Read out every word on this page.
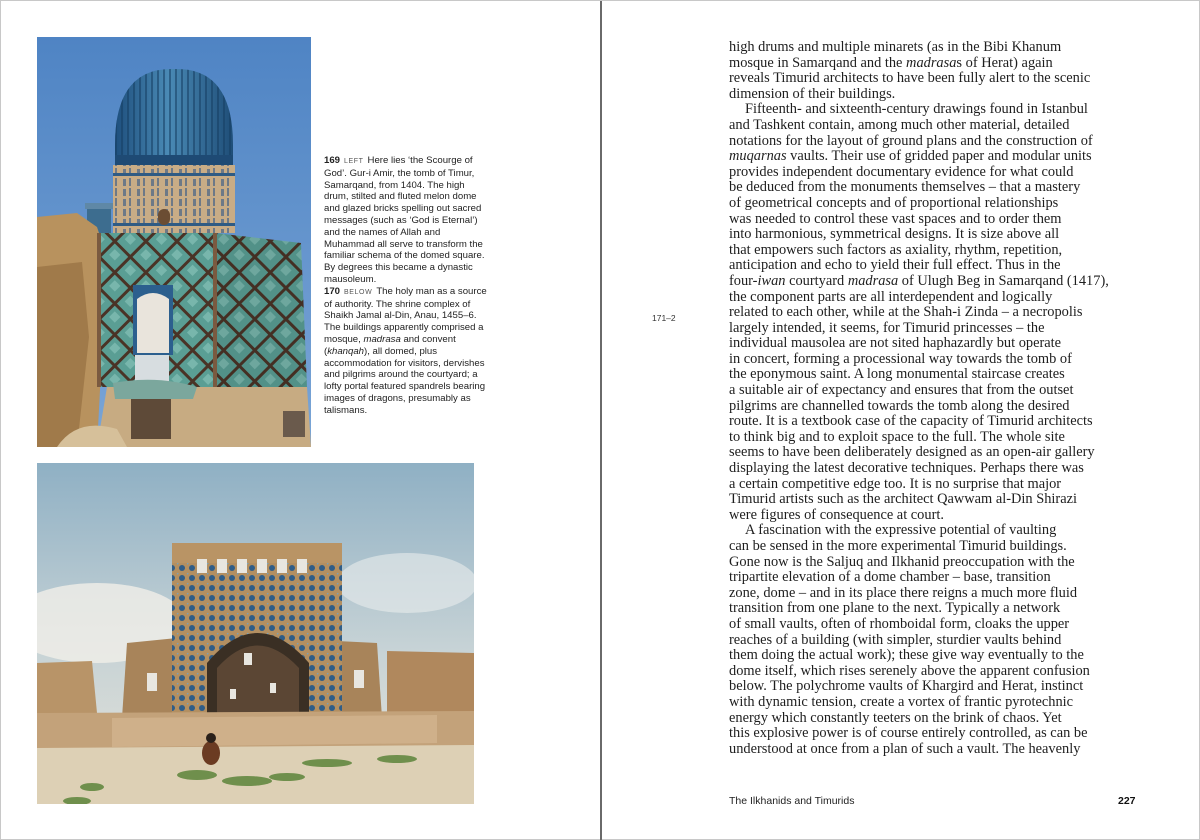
169 LEFT Here lies ‘the Scourge of God’. Gur-i Amir, the tomb of Timur, Samarqand, from 1404. The high drum, stilted and fluted melon dome and glazed bricks spelling out sacred messages (such as ‘God is Eternal’) and the names of Allah and Muhammad all serve to transform the familiar schema of the domed square. By degrees this became a dynastic mausoleum.

170 BELOW The holy man as a source of authority. The shrine complex of Shaikh Jamal al-Din, Anau, 1455–6. The buildings apparently comprised a mosque, madrasa and convent (khanqah), all domed, plus accommodation for visitors, dervishes and pilgrims around the courtyard; a lofty portal featured spandrels bearing images of dragons, presumably as talismans.

171–2
high drums and multiple minarets (as in the Bibi Khanum
mosque in Samarqand and the madrasas of Herat) again
reveals Timurid architects to have been fully alert to the scenic
dimension of their buildings.
Fifteenth- and sixteenth-century drawings found in Istanbul
and Tashkent contain, among much other material, detailed
notations for the layout of ground plans and the construction of
muqarnas vaults. Their use of gridded paper and modular units
provides independent documentary evidence for what could
be deduced from the monuments themselves – that a mastery
of geometrical concepts and of proportional relationships
was needed to control these vast spaces and to order them
into harmonious, symmetrical designs. It is size above all
that empowers such factors as axiality, rhythm, repetition,
anticipation and echo to yield their full effect. Thus in the
four-iwan courtyard madrasa of Ulugh Beg in Samarqand (1417),
the component parts are all interdependent and logically
related to each other, while at the Shah-i Zinda – a necropolis
largely intended, it seems, for Timurid princesses – the
individual mausolea are not sited haphazardly but operate
in concert, forming a processional way towards the tomb of
the eponymous saint. A long monumental staircase creates
a suitable air of expectancy and ensures that from the outset
pilgrims are channelled towards the tomb along the desired
route. It is a textbook case of the capacity of Timurid architects
to think big and to exploit space to the full. The whole site
seems to have been deliberately designed as an open-air gallery
displaying the latest decorative techniques. Perhaps there was
a certain competitive edge too. It is no surprise that major
Timurid artists such as the architect Qawwam al-Din Shirazi
were figures of consequence at court.
A fascination with the expressive potential of vaulting
can be sensed in the more experimental Timurid buildings.
Gone now is the Saljuq and Ilkhanid preoccupation with the
tripartite elevation of a dome chamber – base, transition
zone, dome – and in its place there reigns a much more fluid
transition from one plane to the next. Typically a network
of small vaults, often of rhomboidal form, cloaks the upper
reaches of a building (with simpler, sturdier vaults behind
them doing the actual work); these give way eventually to the
dome itself, which rises serenely above the apparent confusion
below. The polychrome vaults of Khargird and Herat, instinct
with dynamic tension, create a vortex of frantic pyrotechnic
energy which constantly teeters on the brink of chaos. Yet
this explosive power is of course entirely controlled, as can be
understood at once from a plan of such a vault. The heavenly
The Ilkhanids and Timurids	227
